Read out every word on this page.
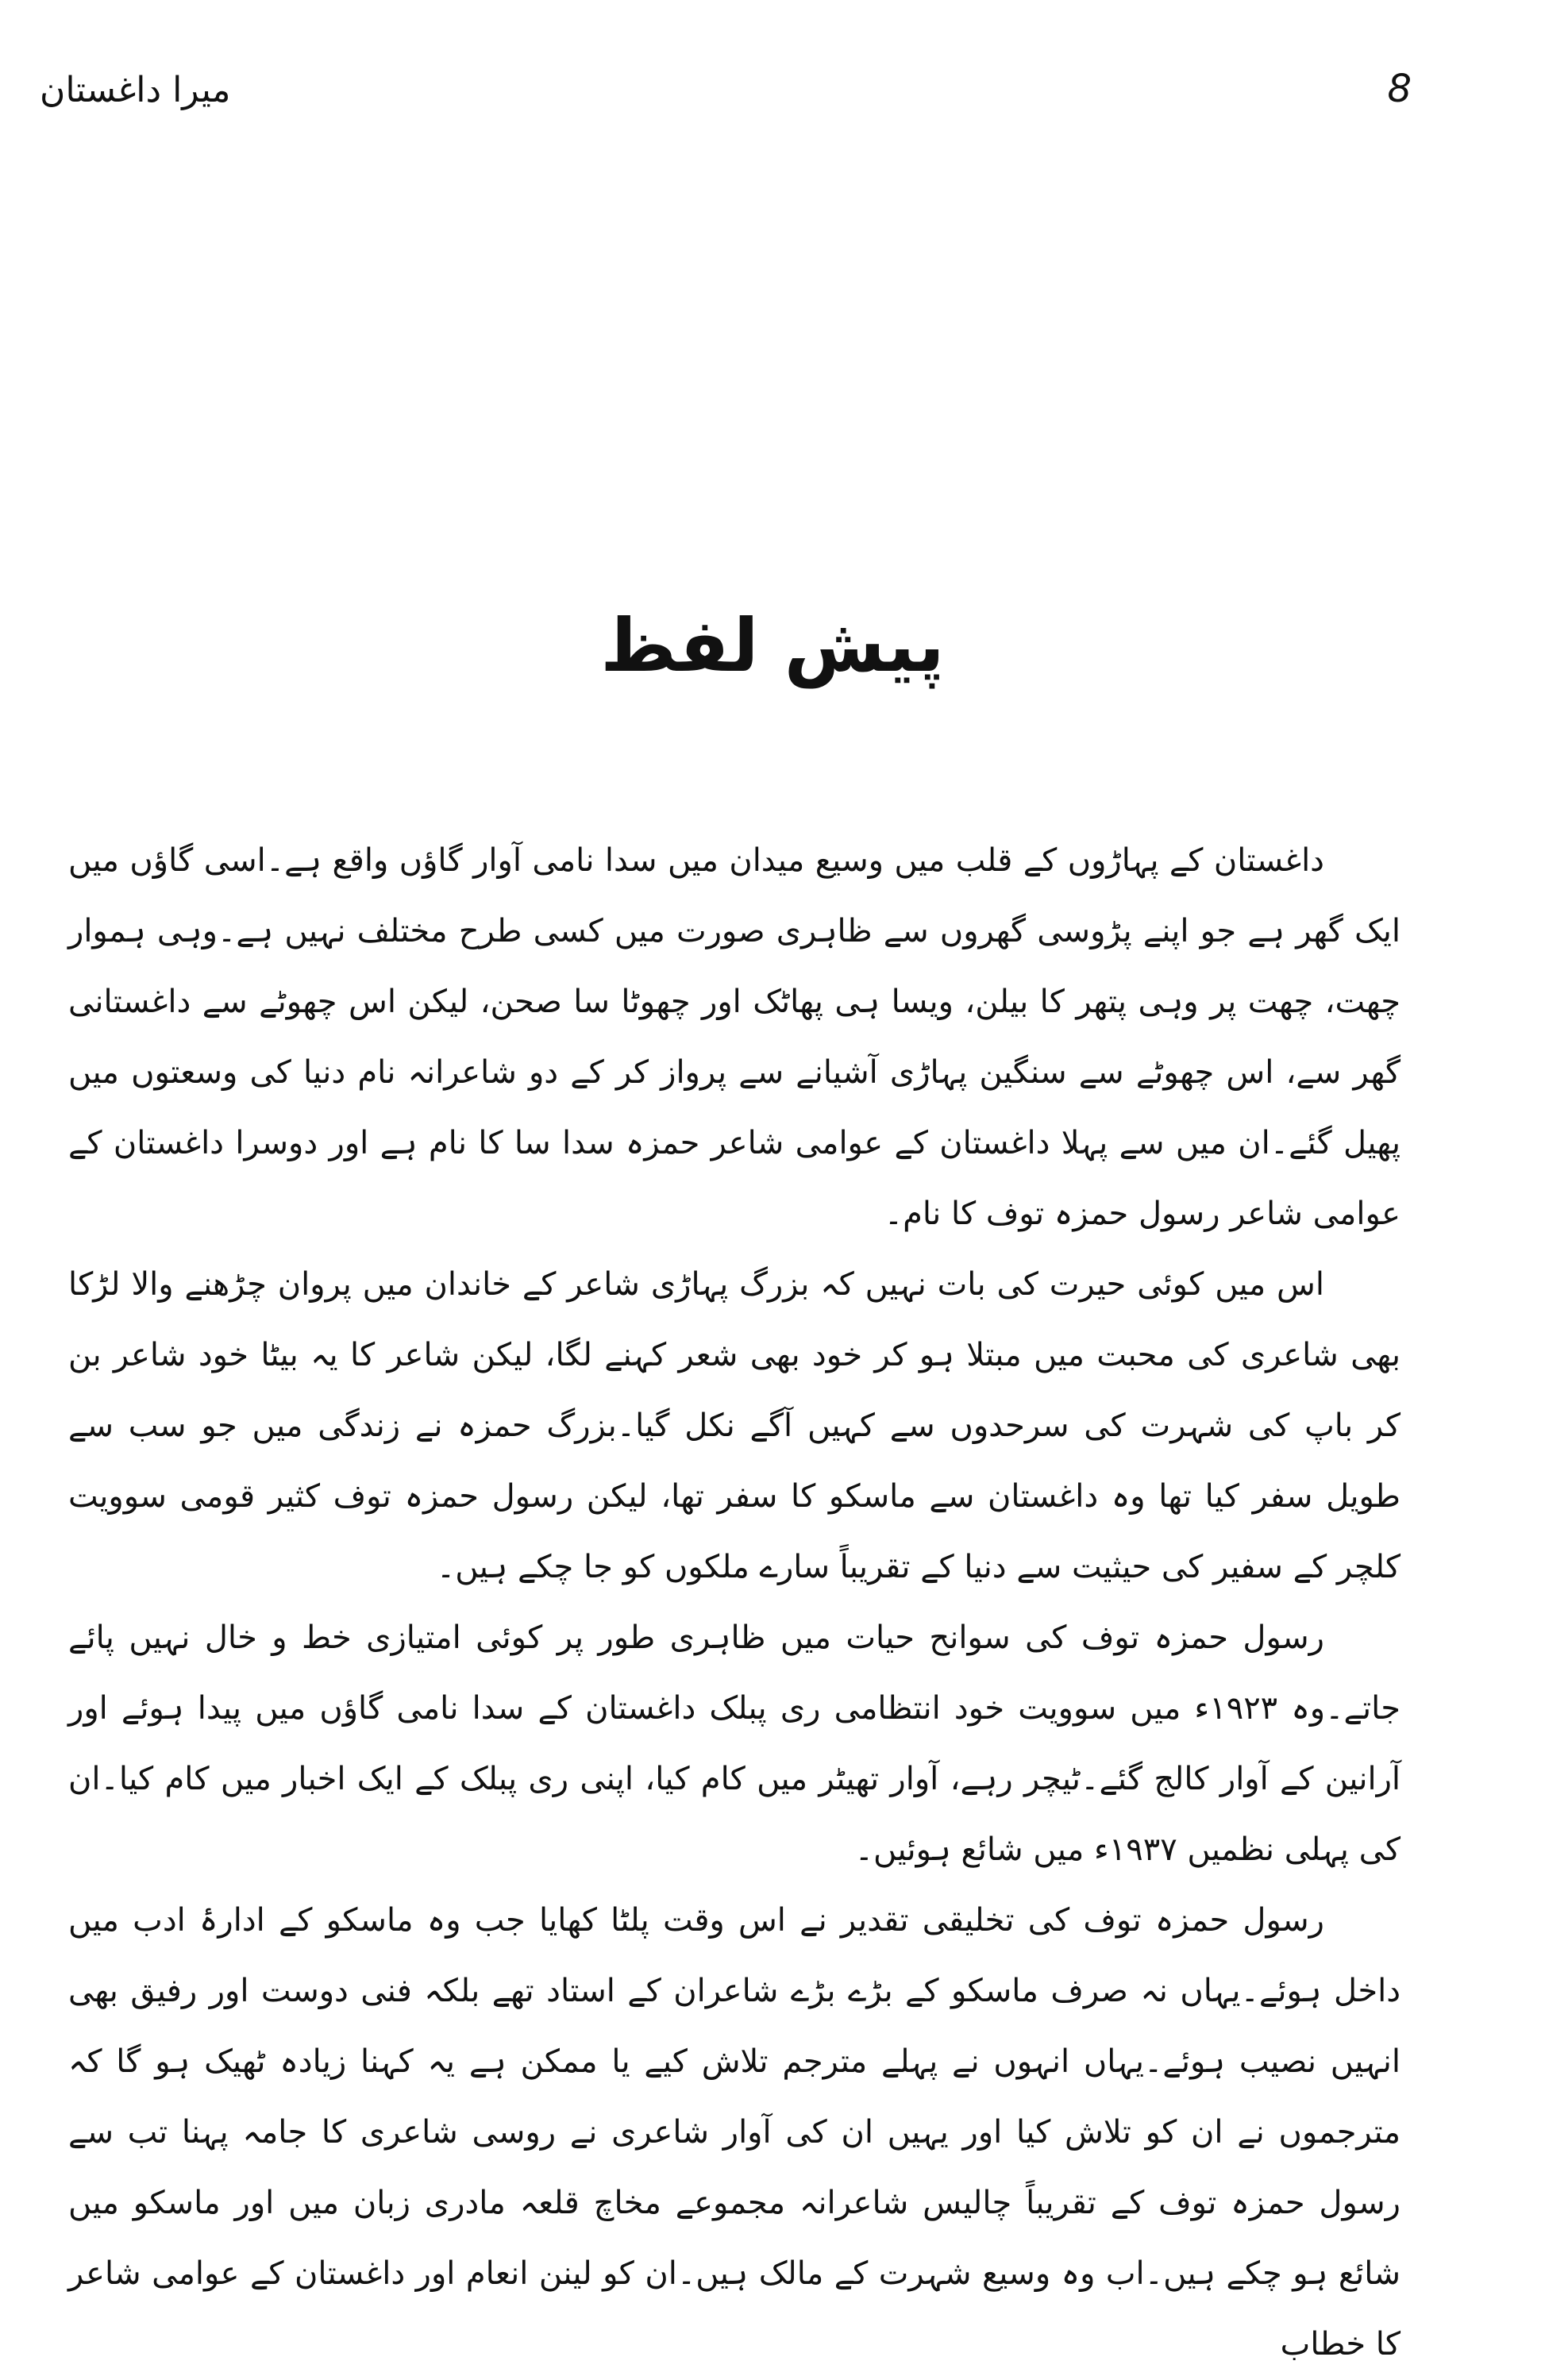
میرا داغستان	8
پیش لفظ

داغستان کے پہاڑوں کے قلب میں وسیع میدان میں سدا نامی آوار گاؤں واقع ہے۔اسی گاؤں میں ایک گھر ہے جو اپنے پڑوسی گھروں سے ظاہری صورت میں کسی طرح مختلف نہیں ہے۔وہی ہموار چھت، چھت پر وہی پتھر کا بیلن، ویسا ہی پھاٹک اور چھوٹا سا صحن، لیکن اس چھوٹے سے داغستانی گھر سے، اس چھوٹے سے سنگین پہاڑی آشیانے سے پرواز کر کے دو شاعرانہ نام دنیا کی وسعتوں میں پھیل گئے۔ان میں سے پہلا داغستان کے عوامی شاعر حمزہ سدا سا کا نام ہے اور دوسرا داغستان کے عوامی شاعر رسول حمزہ توف کا نام۔

اس میں کوئی حیرت کی بات نہیں کہ بزرگ پہاڑی شاعر کے خاندان میں پروان چڑھنے والا لڑکا بھی شاعری کی محبت میں مبتلا ہو کر خود بھی شعر کہنے لگا، لیکن شاعر کا یہ بیٹا خود شاعر بن کر باپ کی شہرت کی سرحدوں سے کہیں آگے نکل گیا۔بزرگ حمزہ نے زندگی میں جو سب سے طویل سفر کیا تھا وہ داغستان سے ماسکو کا سفر تھا، لیکن رسول حمزہ توف کثیر قومی سوویت کلچر کے سفیر کی حیثیت سے دنیا کے تقریباً سارے ملکوں کو جا چکے ہیں۔

رسول حمزہ توف کی سوانح حیات میں ظاہری طور پر کوئی امتیازی خط و خال نہیں پائے جاتے۔وہ ۱۹۲۳ء میں سوویت خود انتظامی ری پبلک داغستان کے سدا نامی گاؤں میں پیدا ہوئے اور آرانین کے آوار کالج گئے۔ٹیچر رہے، آوار تھیٹر میں کام کیا، اپنی ری پبلک کے ایک اخبار میں کام کیا۔ان کی پہلی نظمیں ۱۹۳۷ء میں شائع ہوئیں۔

رسول حمزہ توف کی تخلیقی تقدیر نے اس وقت پلٹا کھایا جب وہ ماسکو کے ادارۂ ادب میں داخل ہوئے۔یہاں نہ صرف ماسکو کے بڑے بڑے شاعران کے استاد تھے بلکہ فنی دوست اور رفیق بھی انہیں نصیب ہوئے۔یہاں انہوں نے پہلے مترجم تلاش کیے یا ممکن ہے یہ کہنا زیادہ ٹھیک ہو گا کہ مترجموں نے ان کو تلاش کیا اور یہیں ان کی آوار شاعری نے روسی شاعری کا جامہ پہنا تب سے رسول حمزہ توف کے تقریباً چالیس شاعرانہ مجموعے مخاچ قلعہ مادری زبان میں اور ماسکو میں شائع ہو چکے ہیں۔اب وہ وسیع شہرت کے مالک ہیں۔ان کو لینن انعام اور داغستان کے عوامی شاعر کا خطاب
